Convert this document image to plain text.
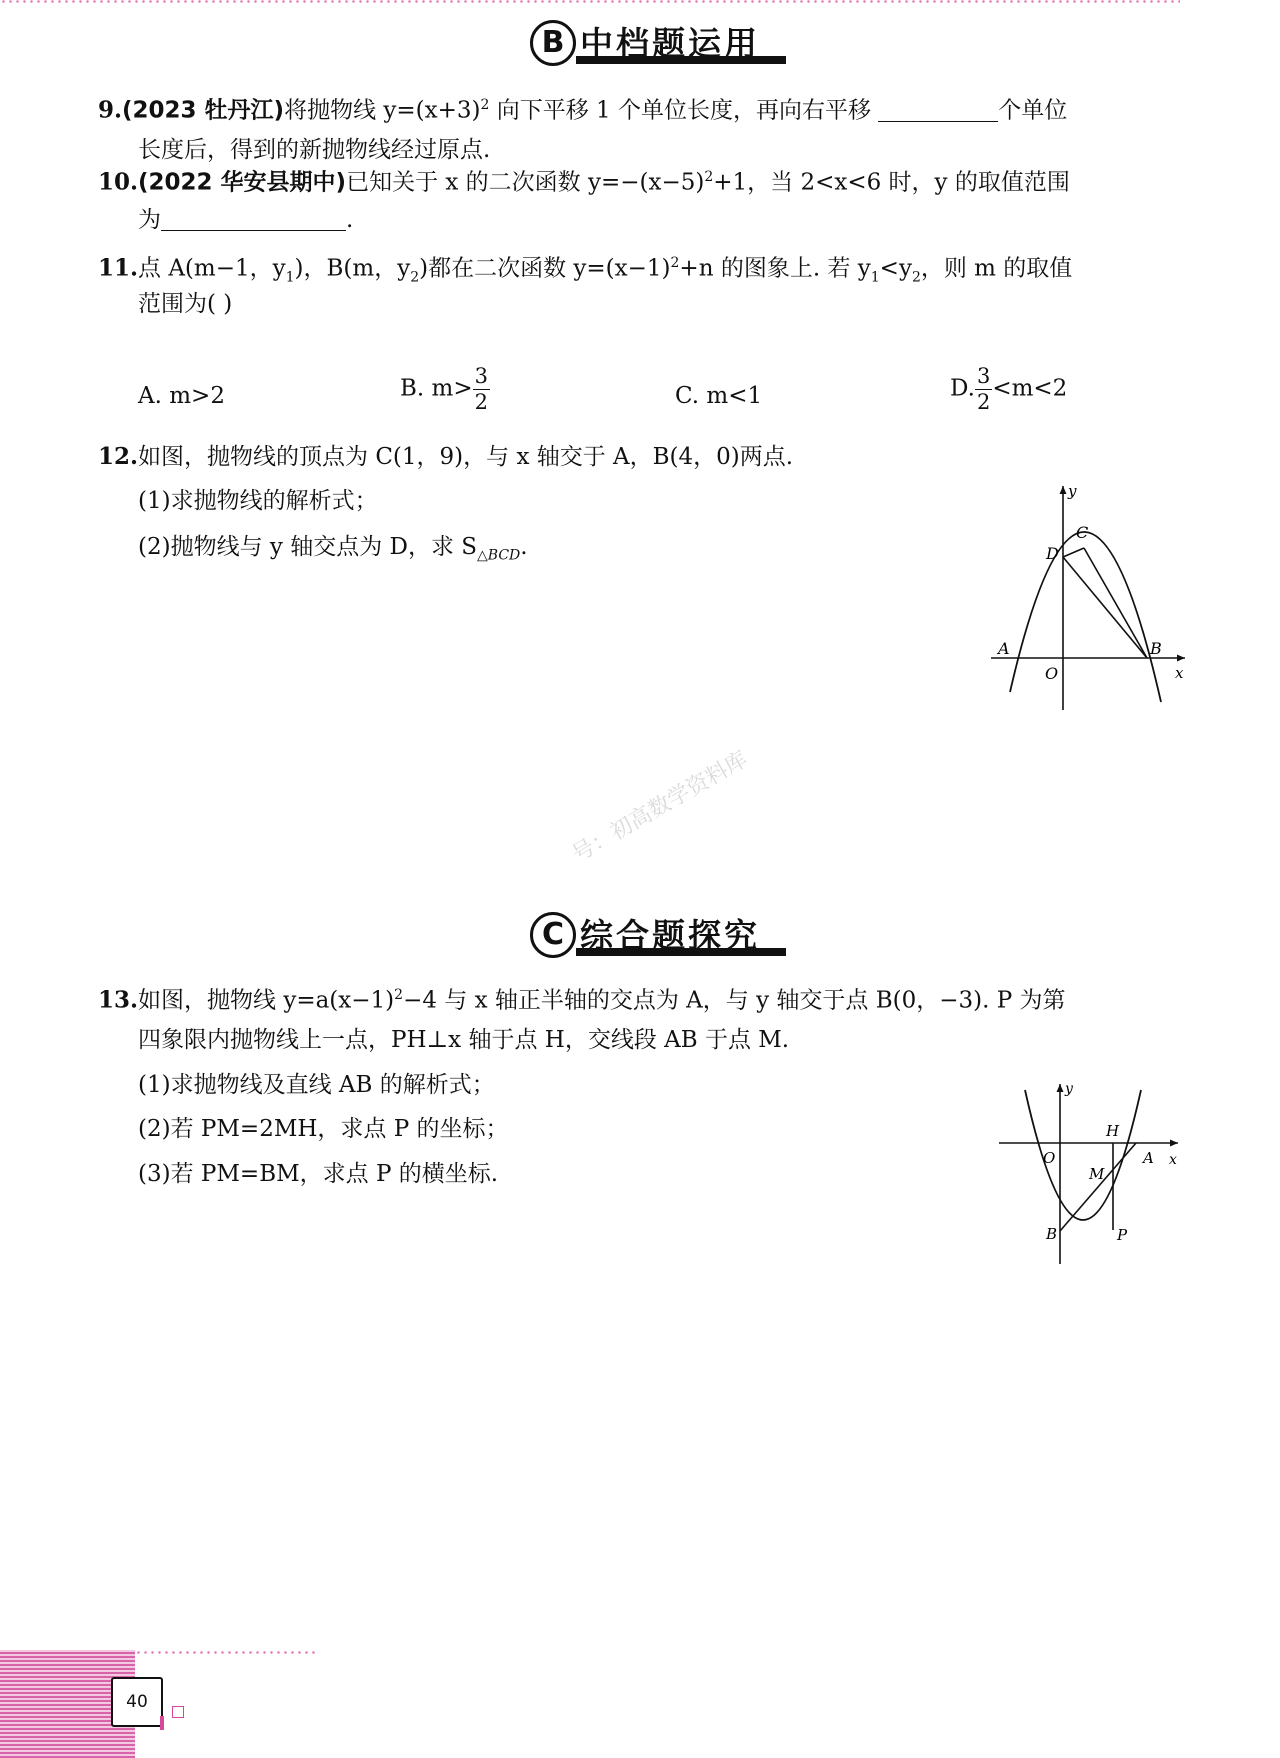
B 中档题运用
9.(2023 牡丹江)将抛物线 $y=(x+3)^2$ 向下平移 1 个单位长度，再向右平移	个单位
长度后，得到的新抛物线经过原点.
10.(2022 华安县期中)已知关于 x 的二次函数 $y=-(x-5)^2+1$，当 2<x<6 时，y 的取值范围
为	.
11.点 A(m−1，$y_1$)，B(m，$y_2$)都在二次函数 $y=(x-1)^2+n$ 的图象上. 若 $y_1<y_2$，则 m 的取值
范围为( )
A. m>2	B. $m> \frac{3}{2}$	C. m<1	D. $\frac{3}{2} <m<2$
12.如图，抛物线的顶点为 C(1，9)，与 x 轴交于 A，B(4，0)两点.
(1)求抛物线的解析式；
(2)抛物线与 y 轴交点为 D，求 $S_{\triangle BCD}$.
y
x
C
D
A	B
O
号：初高数学资料库
C 综合题探究
13.如图，抛物线 $y=a(x-1)^2-4$ 与 x 轴正半轴的交点为 A，与 y 轴交于点 B(0，−3). P 为第
四象限内抛物线上一点，PH⊥x 轴于点 H，交线段 AB 于点 M.
(1)求抛物线及直线 AB 的解析式；
(2)若 PM=2MH，求点 P 的坐标；
(3)若 PM=BM，求点 P 的横坐标.
y
x
O
H
A
M
B	P
40
